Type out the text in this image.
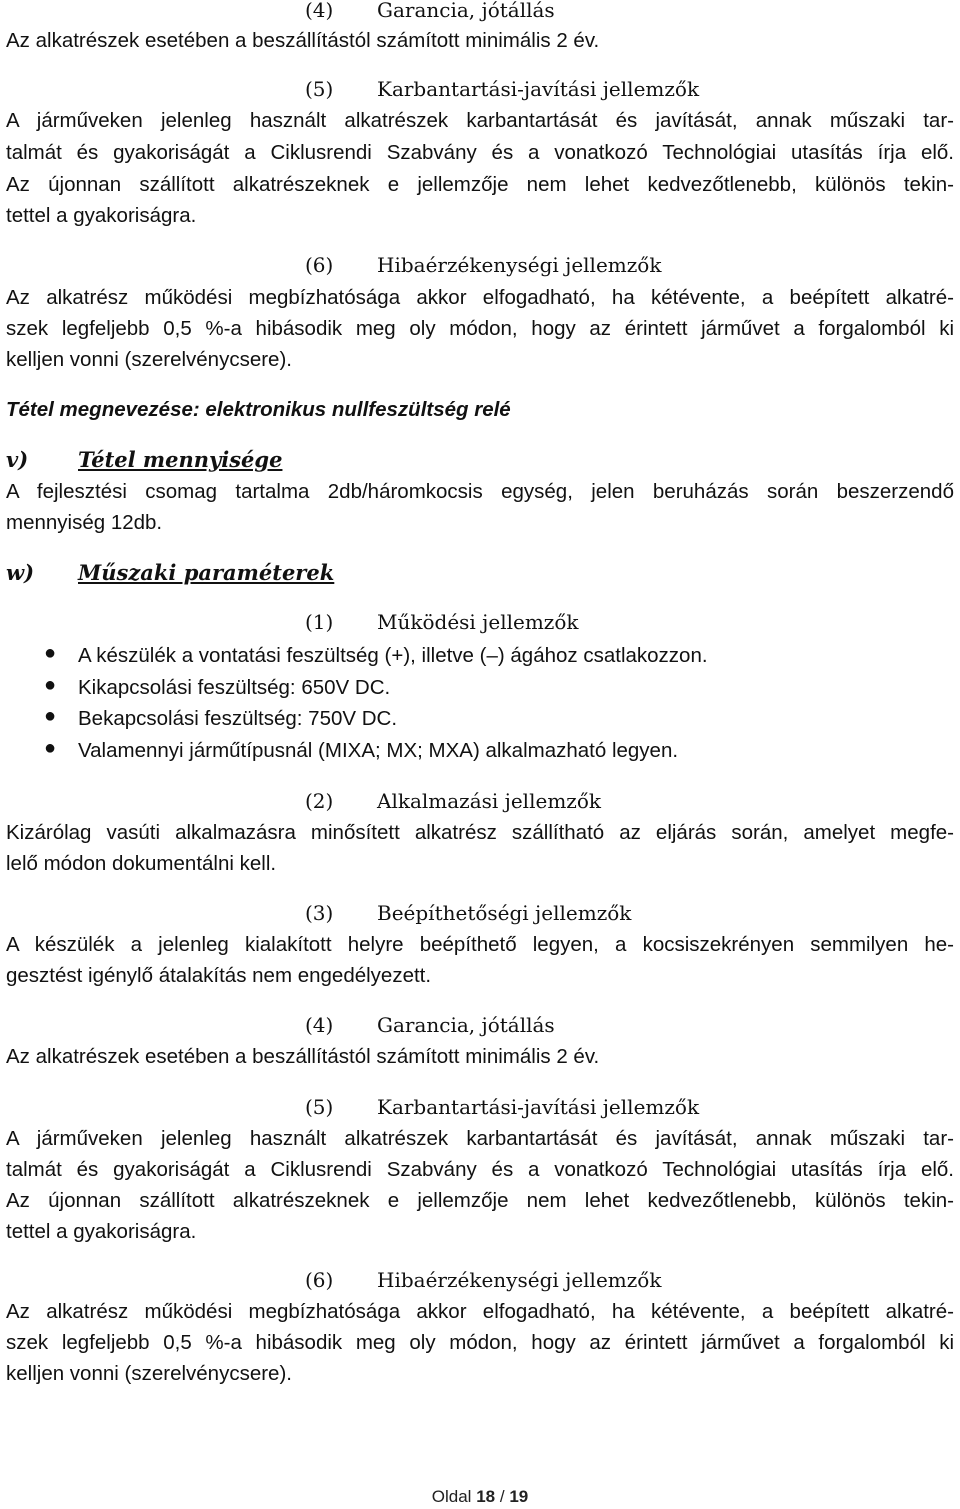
(4) Garancia, jótállás
Az alkatrészek esetében a beszállítástól számított minimális 2 év.
(5) Karbantartási-javítási jellemzők
A járműveken jelenleg használt alkatrészek karbantartását és javítását, annak műszaki tar-
talmát és gyakoriságát a Ciklusrendi Szabvány és a vonatkozó Technológiai utasítás írja elő.
Az újonnan szállított alkatrészeknek e jellemzője nem lehet kedvezőtlenebb, különös tekin-
tettel a gyakoriságra.
(6) Hibaérzékenységi jellemzők
Az alkatrész működési megbízhatósága akkor elfogadható, ha kétévente, a beépített alkatré-
szek legfeljebb 0,5 %-a hibásodik meg oly módon, hogy az érintett járművet a forgalomból ki
kelljen vonni (szerelvénycsere).
Tétel megnevezése: elektronikus nullfeszültség relé
v) Tétel mennyisége
A fejlesztési csomag tartalma 2db/háromkocsis egység, jelen beruházás során beszerzendő
mennyiség 12db.
w) Műszaki paraméterek
(1) Működési jellemzők
● A készülék a vontatási feszültség (+), illetve (–) ágához csatlakozzon.
● Kikapcsolási feszültség: 650V DC.
● Bekapcsolási feszültség: 750V DC.
● Valamennyi járműtípusnál (MIXA; MX; MXA) alkalmazható legyen.
(2) Alkalmazási jellemzők
Kizárólag vasúti alkalmazásra minősített alkatrész szállítható az eljárás során, amelyet megfe-
lelő módon dokumentálni kell.
(3) Beépíthetőségi jellemzők
A készülék a jelenleg kialakított helyre beépíthető legyen, a kocsiszekrényen semmilyen he-
gesztést igénylő átalakítás nem engedélyezett.
(4) Garancia, jótállás
Az alkatrészek esetében a beszállítástól számított minimális 2 év.
(5) Karbantartási-javítási jellemzők
A járműveken jelenleg használt alkatrészek karbantartását és javítását, annak műszaki tar-
talmát és gyakoriságát a Ciklusrendi Szabvány és a vonatkozó Technológiai utasítás írja elő.
Az újonnan szállított alkatrészeknek e jellemzője nem lehet kedvezőtlenebb, különös tekin-
tettel a gyakoriságra.
(6) Hibaérzékenységi jellemzők
Az alkatrész működési megbízhatósága akkor elfogadható, ha kétévente, a beépített alkatré-
szek legfeljebb 0,5 %-a hibásodik meg oly módon, hogy az érintett járművet a forgalomból ki
kelljen vonni (szerelvénycsere).
Oldal 18 / 19
